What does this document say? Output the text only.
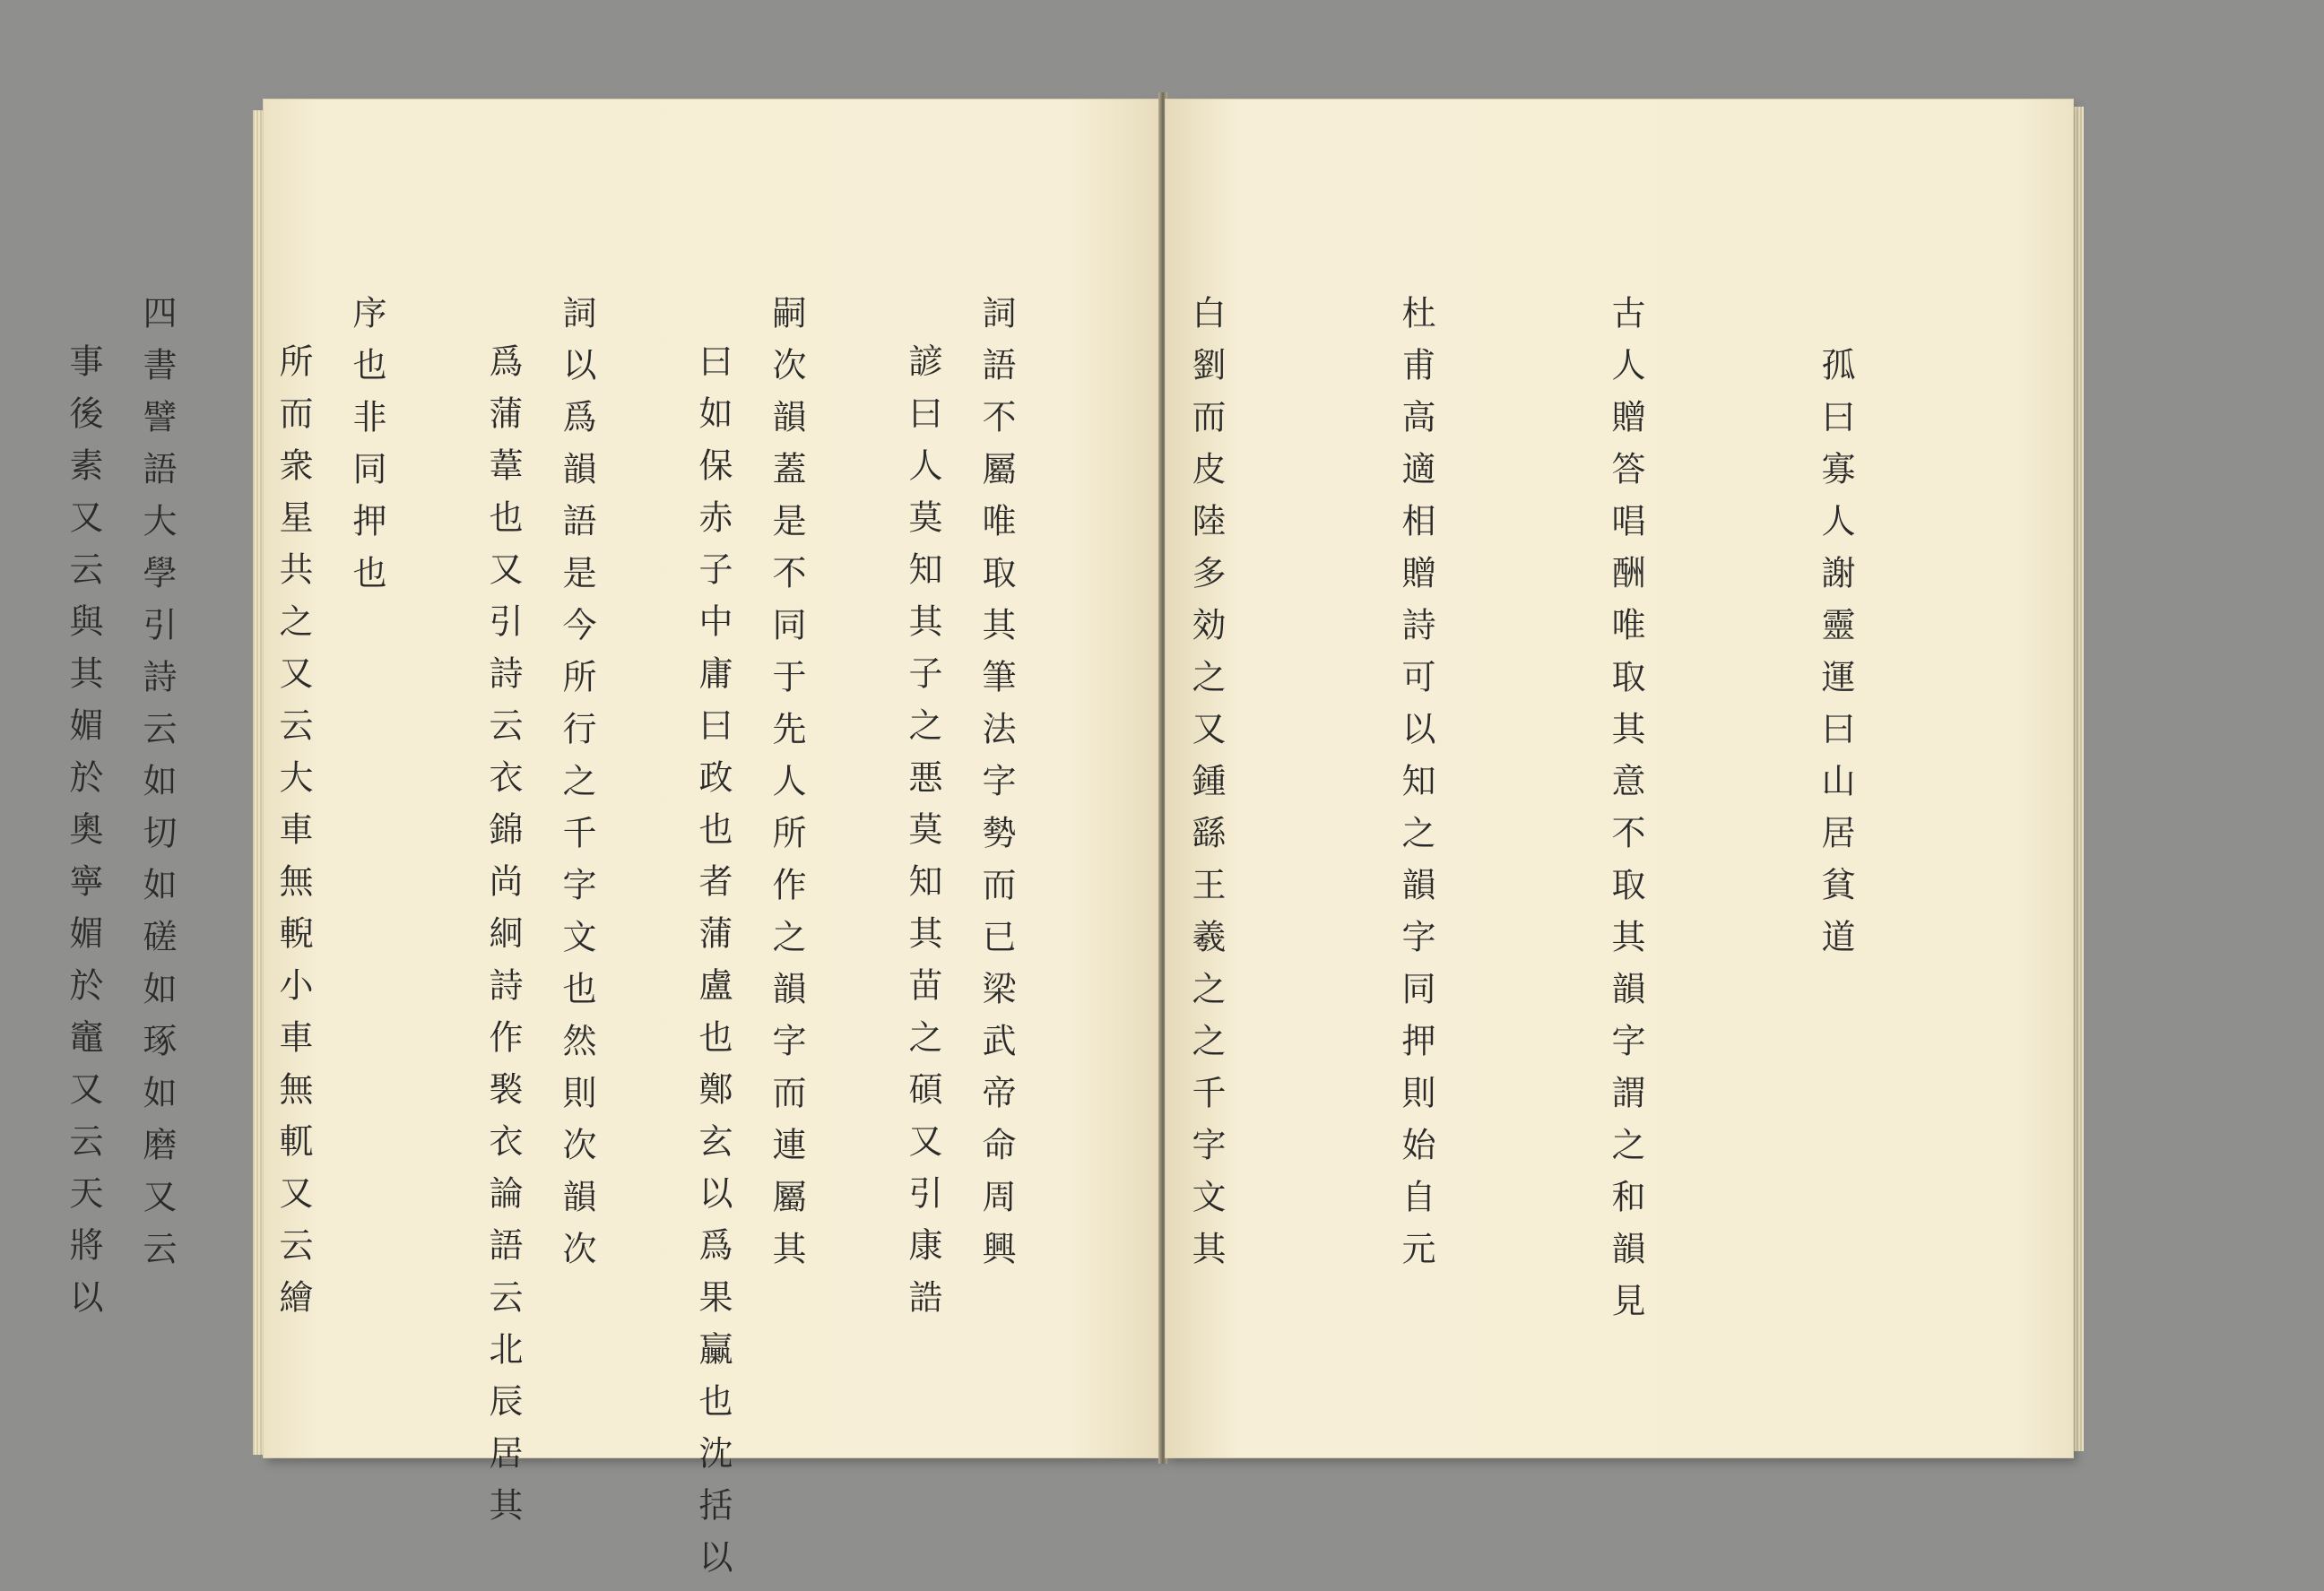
諺曰人莫知其子之悪莫知其苗之碩又引康誥

曰如保赤子中庸曰政也者蒲盧也鄭玄以爲果臝也沈括以

爲蒲葦也又引詩云衣錦尚絅詩作褧衣論語云北辰居其

所而衆星共之又云大車無輗小車無軏又云繪

事後素又云與其媚於奧寧媚於竈又云天將以

	孤曰寡人謝靈運曰山居貧道

古人贈答唱酬唯取其意不取其韻字謂之和韻見

杜甫高適相贈詩可以知之韻字同押則始自元

白劉而皮陸多効之又鍾繇王羲之之千字文其

詞語不屬唯取其筆法字勢而已梁武帝命周興

嗣次韻蓋是不同于先人所作之韻字而連屬其

詞以爲韻語是今所行之千字文也然則次韻次

序也非同押也

四書譬語大學引詩云如切如磋如琢如磨又云
